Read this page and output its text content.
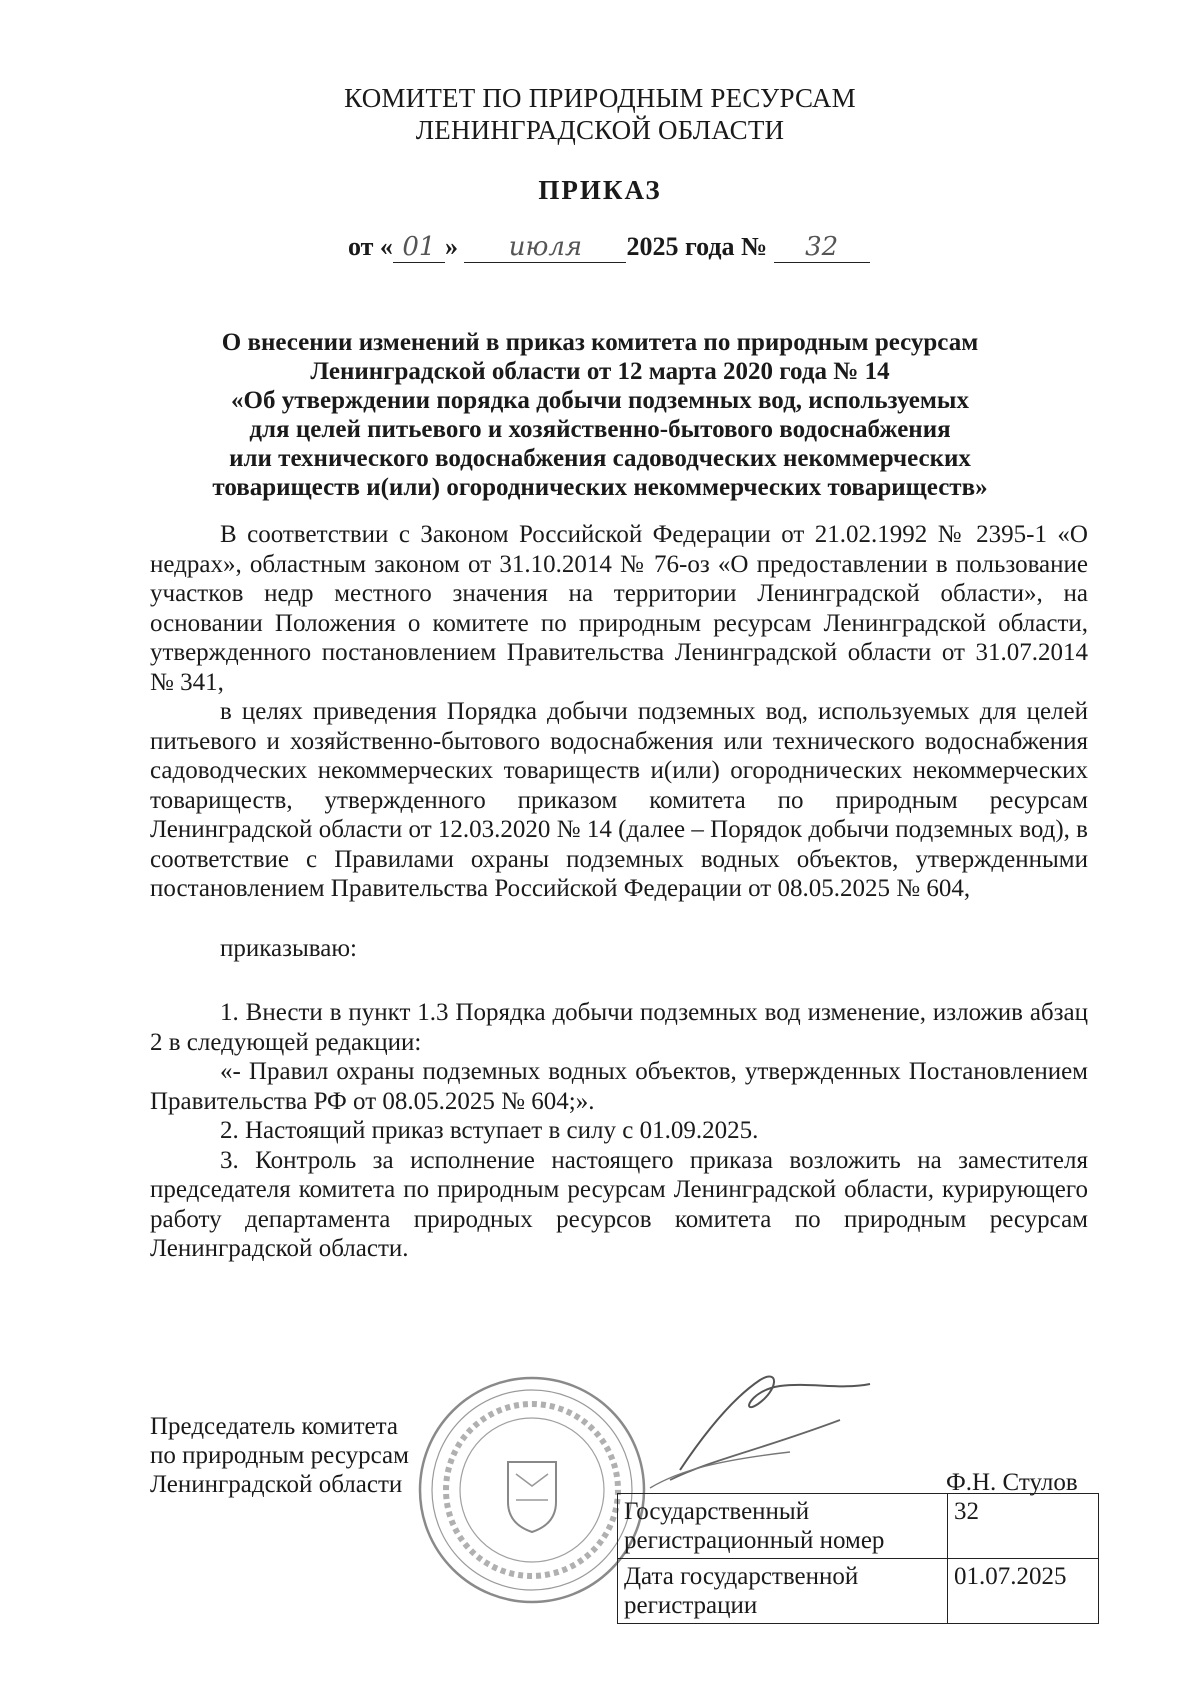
КОМИТЕТ ПО ПРИРОДНЫМ РЕСУРСАМ
ЛЕНИНГРАДСКОЙ ОБЛАСТИ
ПРИКАЗ
от « 01 » июля 2025 года № 32
О внесении изменений в приказ комитета по природным ресурсам
Ленинградской области от 12 марта 2020 года № 14
«Об утверждении порядка добычи подземных вод, используемых
для целей питьевого и хозяйственно-бытового водоснабжения
или технического водоснабжения садоводческих некоммерческих
товариществ и(или) огороднических некоммерческих товариществ»

В соответствии с Законом Российской Федерации от 21.02.1992 № 2395-1 «О недрах», областным законом от 31.10.2014 № 76-оз «О предоставлении в пользование участков недр местного значения на территории Ленинградской области», на основании Положения о комитете по природным ресурсам Ленинградской области, утвержденного постановлением Правительства Ленинградской области от 31.07.2014 № 341,

в целях приведения Порядка добычи подземных вод, используемых для целей питьевого и хозяйственно-бытового водоснабжения или технического водоснабжения садоводческих некоммерческих товариществ и(или) огороднических некоммерческих товариществ, утвержденного приказом комитета по природным ресурсам Ленинградской области от 12.03.2020 № 14 (далее – Порядок добычи подземных вод), в соответствие с Правилами охраны подземных водных объектов, утвержденными постановлением Правительства Российской Федерации от 08.05.2025 № 604,

приказываю:

1. Внести в пункт 1.3 Порядка добычи подземных вод изменение, изложив абзац 2 в следующей редакции:

«- Правил охраны подземных водных объектов, утвержденных Постановлением Правительства РФ от 08.05.2025 № 604;».

2. Настоящий приказ вступает в силу с 01.09.2025.

3. Контроль за исполнение настоящего приказа возложить на заместителя председателя комитета по природным ресурсам Ленинградской области, курирующего работу департамента природных ресурсов комитета по природным ресурсам Ленинградской области.

Председатель комитета
по природным ресурсам
Ленинградской области	Ф.Н. Стулов
Государственный регистрационный номер	32
Дата государственной регистрации	01.07.2025
